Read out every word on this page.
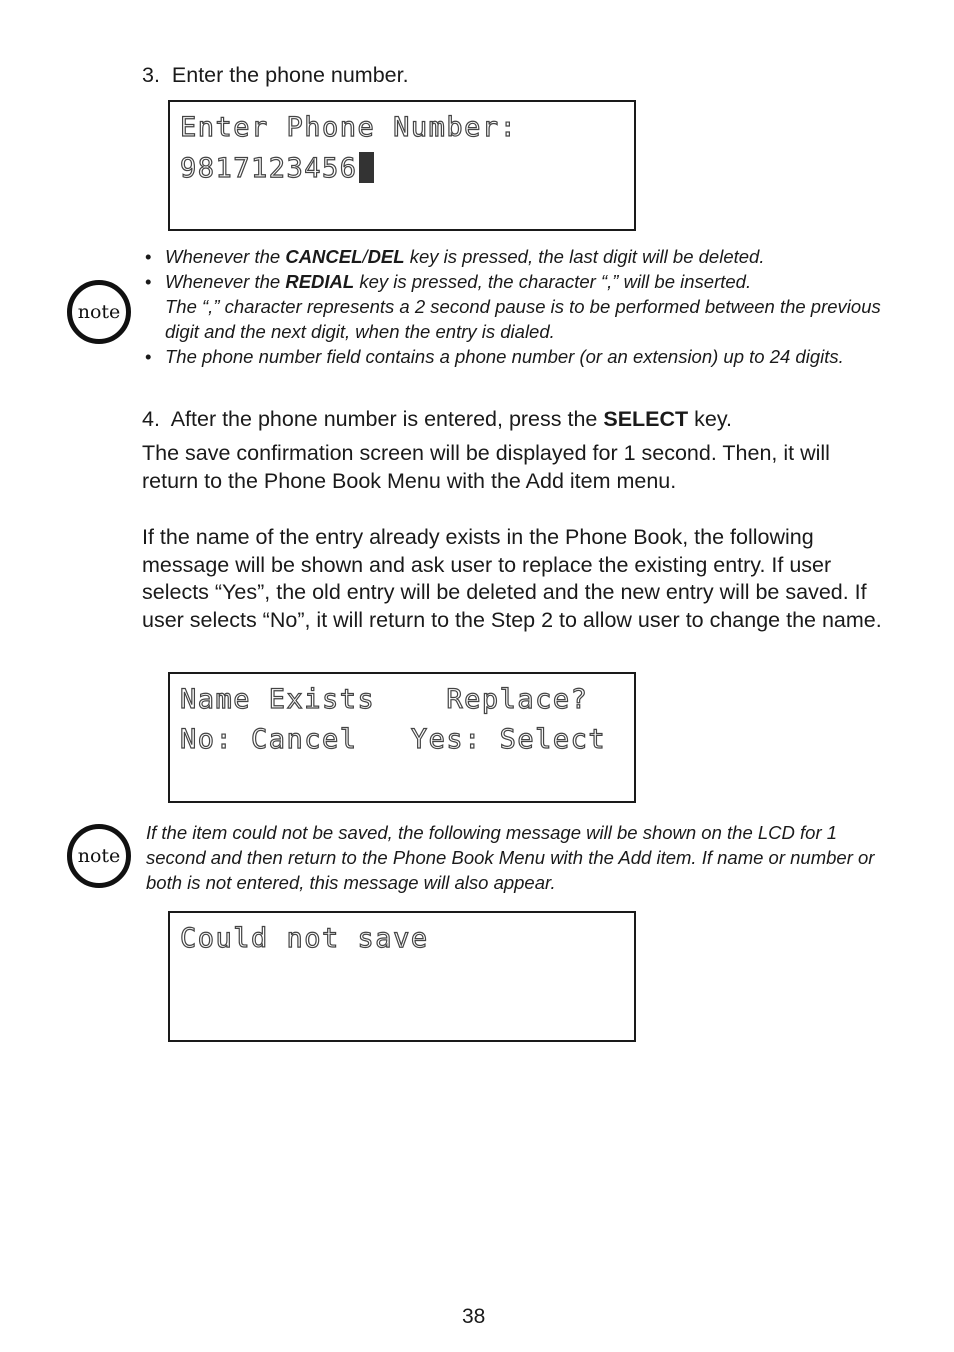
3. Enter the phone number.
Enter Phone Number:
9817123456
note
• Whenever the CANCEL/DEL key is pressed, the last digit will be deleted.
• Whenever the REDIAL key is pressed, the character “,” will be inserted.
The “,” character represents a 2 second pause is to be performed between the previous digit and the next digit, when the entry is dialed.
• The phone number field contains a phone number (or an extension) up to 24 digits.
4. After the phone number is entered, press the SELECT key.
The save confirmation screen will be displayed for 1 second. Then, it will return to the Phone Book Menu with the Add item menu.
If the name of the entry already exists in the Phone Book, the following message will be shown and ask user to replace the existing entry. If user selects “Yes”, the old entry will be deleted and the new entry will be saved. If user selects “No”, it will return to the Step 2 to allow user to change the name.
Name Exists    Replace?
No: Cancel   Yes: Select
note
If the item could not be saved, the following message will be shown on the LCD for 1 second and then return to the Phone Book Menu with the Add item. If name or number or both is not entered, this message will also appear.
Could not save
38
